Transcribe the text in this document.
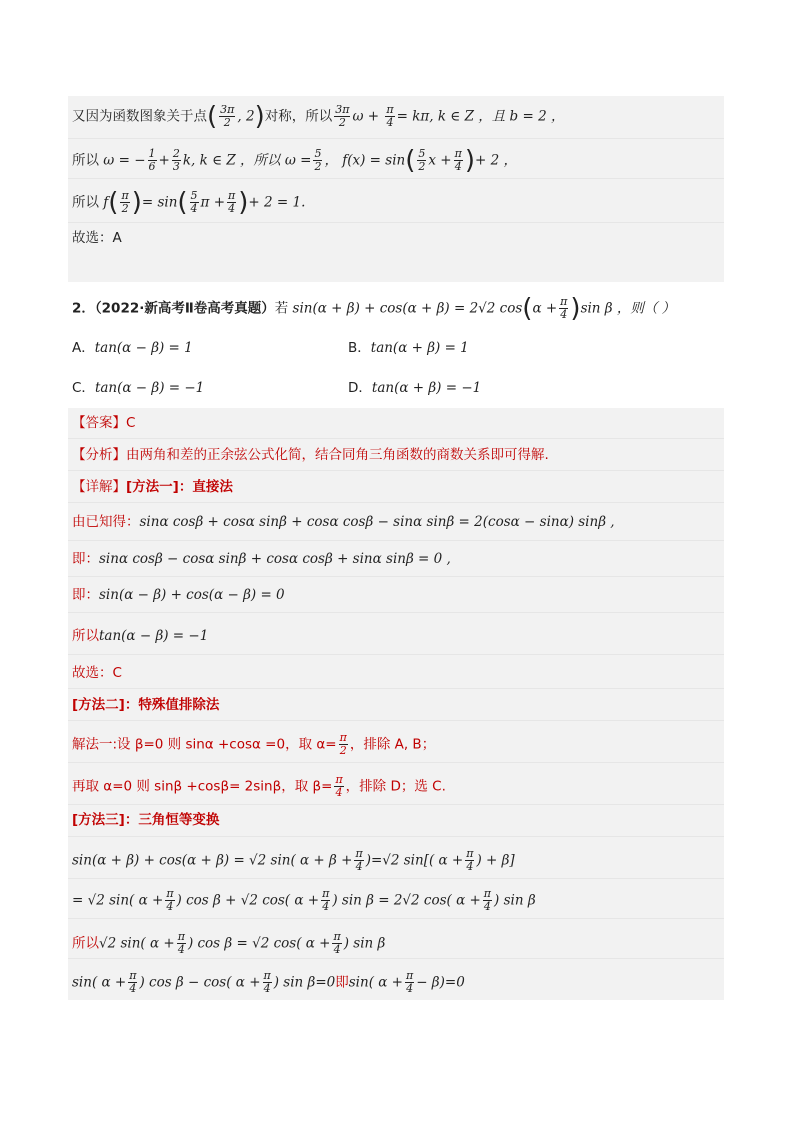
又因为函数图象关于点( $\frac{3\pi}{2}$ , 2)对称，所以 $\frac{3\pi}{2}$ $\omega + \frac{\pi}{4} = k\pi$, k ∈ Z ，且 b = 2 ，
所以 ω = − $\frac{1}{6} + \frac{2}{3} k$, k ∈ Z ，所以 $\omega = \frac{5}{2}$ ， $f(x) = \sin( \frac{5}{2}$ $x + \frac{\pi}{4}$ )+ 2 ，
所以 $f( \frac{\pi}{2}$ )= $\sin( \frac{5}{4}$ $\pi + \frac{\pi}{4}$ )+ 2 = 1.
故选：A
2．（2022·新高考Ⅱ卷高考真题）若 sin(α + β) + cos(α + β) = 2√2 $\cos(\alpha + \frac{\pi}{4} )\sin$ β ，则（ ）
A．tan(α − β) = 1	B．tan(α + β) = 1
C．tan(α − β) = −1	D．tan(α + β) = −1
【答案】C
【分析】由两角和差的正余弦公式化简，结合同角三角函数的商数关系即可得解.
【详解】[方法一]：直接法
由已知得：sinα cosβ + cosα sinβ + cosα cosβ − sinα sinβ = 2(cosα − sinα) sinβ ,
即：sinα cosβ − cosα sinβ + cosα cosβ + sinα sinβ = 0 ,
即：sin(α − β) + cos(α − β) = 0
所以tan(α − β) = −1
故选：C
[方法二]：特殊值排除法
解法一:设 β=0 则 sinα +cosα =0，取 $\alpha= \frac{\pi}{2}$ ，排除 A, B；
再取 α=0 则 sinβ +cosβ= 2sinβ，取 $\beta= \frac{\pi}{4}$ ，排除 D；选 C.
[方法三]：三角恒等变换
sin(α + β) + cos(α + β) = √2 sin( $\alpha + \beta + \frac{\pi}{4} )=√2$ sin[( $\alpha + \frac{\pi}{4}$ ) + β]
= √2 sin( $\alpha + \frac{\pi}{4}$ ) cos β + √2 cos( $\alpha + \frac{\pi}{4}$ ) sin β = 2√2 cos( $\alpha + \frac{\pi}{4}$ ) sin β
所以√2 sin( $\alpha + \frac{\pi}{4}$ ) cos β = √2 cos( $\alpha + \frac{\pi}{4}$ ) sin β
sin( $\alpha + \frac{\pi}{4}$ ) cos β − cos( $\alpha + \frac{\pi}{4}$ ) sin β=0即sin( $\alpha + \frac{\pi}{4} - \beta)=0$
